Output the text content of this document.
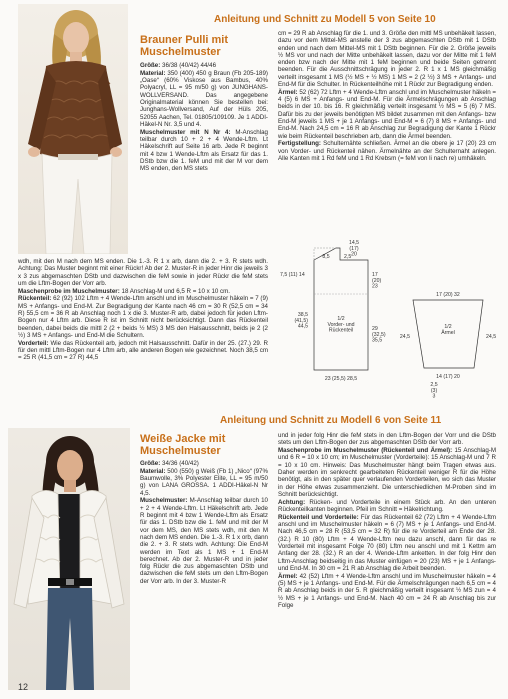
Anleitung und Schnitt zu Modell 5 von Seite 10
Brauner Pulli mit Muschelmuster

Größe: 36/38 (40/42) 44/46

Material: 350 (400) 450 g Braun (Fb 205-189) „Oase“ (60% Viskose aus Bambus, 40% Polyacryl, LL = 95 m/50 g) von JUNGHANS-WOLLVERSAND. Das angegebene Originalmaterial können Sie bestellen bei: Junghans-Wollversand, Auf der Hüls 205, 52055 Aachen, Tel. 01805/109109. Je 1 ADDI-Häkel-N Nr. 3,5 und 4.

Muschelmuster mit N Nr 4: M-Anschlag teilbar durch 10 + 2 + 4 Wende-Lftm. Lt Häkelschrift auf Seite 16 arb. Jede R beginnt mit 4 bzw 1 Wende-Lftm als Ersatz für das 1. DStb bzw die 1. feM und mit der M vor dem MS enden, den MS stets

wdh, mit den M nach dem MS enden. Die 1.-3. R 1 x arb, dann die 2. + 3. R stets wdh. Achtung: Das Muster beginnt mit einer Rückr! Ab der 2. Muster-R in jeder Hinr die jeweils 3 x 3 zus abgemaschten DStb und dazwischen die feM sowie in jeder Rückr die feM stets um die Lftm-Bogen der Vorr arb.

Maschenprobe im Muschelmuster: 18 Anschlag-M und 6,5 R = 10 x 10 cm.

Rückenteil: 62 (92) 102 Lftm + 4 Wende-Lftm anschl und im Muschelmuster häkeln = 7 (9) MS + Anfangs- und End-M. Zur Begradigung der Kante nach 46 cm = 30 R (52,5 cm = 34 R) 55,5 cm = 36 R ab Anschlag noch 1 x die 3. Muster-R arb, dabei jedoch für jeden Lftm-Bogen nur 4 Lftm arb. Diese R ist im Schnitt nicht berücksichtigt. Dann das Rückenteil beenden, dabei beids die mittl 2 (2 + beids ½ MS) 3 MS den Halsausschnitt, beids je 2 (2 ½) 3 MS + Anfangs- und End-M die Schultern.

Vorderteil: Wie das Rückenteil arb, jedoch mit Halsausschnitt. Dafür in der 25. (27.) 29. R für den mittl Lftm-Bogen nur 4 Lftm arb, alle anderen Bogen wie gezeichnet. Noch 38,5 cm = 25 R (41,5 cm = 27 R) 44,5

cm = 29 R ab Anschlag für die 1. und 3. Größe den mittl MS unbehäkelt lassen, dazu vor dem Mittel-MS anstelle der 3 zus abgemaschten DStb mit 1 DStb enden und nach dem Mittel-MS mit 1 DStb beginnen. Für die 2. Größe jeweils ½ MS vor und nach der Mitte unbehäkelt lassen, dazu vor der Mitte mit 1 feM enden bzw nach der Mitte mit 1 feM beginnen und beide Seiten getrennt beenden. Für die Ausschnittschrägung in jeder 2. R 1 x 1 MS gleichmäßig verteilt insgesamt 1 MS (½ MS + ½ MS) 1 MS = 2 (2 ½) 3 MS + Anfangs- und End-M für die Schulter. In Rückenteilhöhe mit 1 Rückr zur Begradigung enden.

Ärmel: 52 (62) 72 Lftm + 4 Wende-Lftm anschl und im Muschelmuster häkeln = 4 (5) 6 MS + Anfangs- und End-M. Für die Ärmelschrägungen ab Anschlag beids in der 10. bis 16. R gleichmäßig verteilt insgesamt ½ MS = 5 (6) 7 MS. Dafür bis zu der jeweils benötigten MS bildet zusammen mit den Anfangs- bzw End-M jeweils 1 MS + je 1 Anfangs- und End-M = 6 (7) 8 MS + Anfangs- und End-M. Nach 24,5 cm = 16 R ab Anschlag zur Begradigung der Kante 1 Rückr wie beim Rückenteil beschrieben arb, dann die Ärmel beenden.

Fertigstellung: Schulternähte schließen. Ärmel an die obere je 17 (20) 23 cm von Vorder- und Rückenteil nähen. Ärmelnähte an der Schulternaht anlegen. Alle Kanten mit 1 Rd feM und 1 Rd Krebsm (= feM von li nach re) umhäkeln.

14,5
(17)
20
8,5	2,5
7,5 (11) 14	17
(20)
23
38,5
(41,5)
44,5	29
(32,5)
35,5
1/2
Vorder- und
Rückenteil
23 (25,5) 28,5
17 (20) 32
1/2
Ärmel
24,5	24,5
14 (17) 20
2,5
(3)
3
Anleitung und Schnitt zu Modell 6 von Seite 11
Weiße Jacke mit Muschelmuster

Größe: 34/36 (40/42)

Material: 500 (550) g Weiß (Fb 1) „Nico“ (97% Baumwolle, 3% Polyester Elite, LL = 95 m/50 g) von LANA GROSSA. 1 ADDI-Häkel-N Nr 4,5.

Muschelmuster: M-Anschlag teilbar durch 10 + 2 + 4 Wende-Lftm. Lt Häkelschrift arb. Jede R beginnt mit 4 bzw 1 Wende-Lftm als Ersatz für das 1. DStb bzw die 1. feM und mit der M vor dem MS, den MS stets wdh, mit den M nach dem MS enden. Die 1.-3. R 1 x orb, dann die 2. + 3. R stets wdh. Achtung: Die End-M werden im Text als 1 MS + 1 End-M berechnet. Ab der 2. Muster-R und in jeder folg Rückr die zus abgemaschten DStb und dazwischen die feM stets um den Lftm-Bogen der Vorr arb. In der 3. Muster-R

und in jeder folg Hinr die feM stets in den Lftm-Bogen der Vorr und die DStb stets um den Lftm-Bogen der zus abgemaschten DStb der Vorr arb.

Maschenprobe im Muschelmuster (Rückenteil und Ärmel): 15 Anschlag-M und 6 R = 10 x 10 cm; im Muschelmuster (Vorderteile): 15 Anschlag-M und 7 R = 10 x 10 cm. Hinweis: Das Muschelmuster hängt beim Tragen etwas aus. Daher werden im senkrecht gearbeiteten Rückenteil weniger R für die Höhe benötigt, als in den später quer verlaufenden Vorderteilen, wo sich das Muster in der Höhe etwas zusammenzieht. Die unterschiedlichen M-Proben sind im Schnitt berücksichtigt.

Achtung: Rücken- und Vorderteile in einem Stück arb. An den unteren Rückenteilkanten beginnen. Pfeil im Schnitt = Häkelrichtung.

Rückenteil und Vorderteile: Für das Rückenteil 62 (72) Lftm + 4 Wende-Lftm anschl und im Muschelmuster häkeln = 6 (7) MS + je 1 Anfangs- und End-M. Nach 46,5 cm = 28 R (53,5 cm = 32 R) für die re Vorderteil am Ende der 28. (32.) R 10 (80) Lftm + 4 Wende-Lftm neu dazu anschl, dann für das re Vorderteil mit insgesamt Folge 70 (80) Lftm neu anschl und mit 1 Kettm am Anfang der 28. (32.) R an der 4. Wende-Lftm anketten. In der folg Hinr den Lftm-Anschlag beidseitig in das Muster einfügen = 20 (23) MS + je 1 Anfangs- und End-M. In 30 cm = 21 R ab Anschlag die Arbeit beenden.

Ärmel: 42 (52) Lftm + 4 Wende-Lftm anschl und im Muschelmuster häkeln = 4 (5) MS + je 1 Anfangs- und End-M. Für die Ärmelschrägungen nach 6,5 cm = 4 R ab Anschlag beids in der 5. R gleichmäßig verteilt insgesamt ½ MS zun = 4 ½ MS + je 1 Anfangs- und End-M. Nach 40 cm = 24 R ab Anschlag bis zur Folge

12
